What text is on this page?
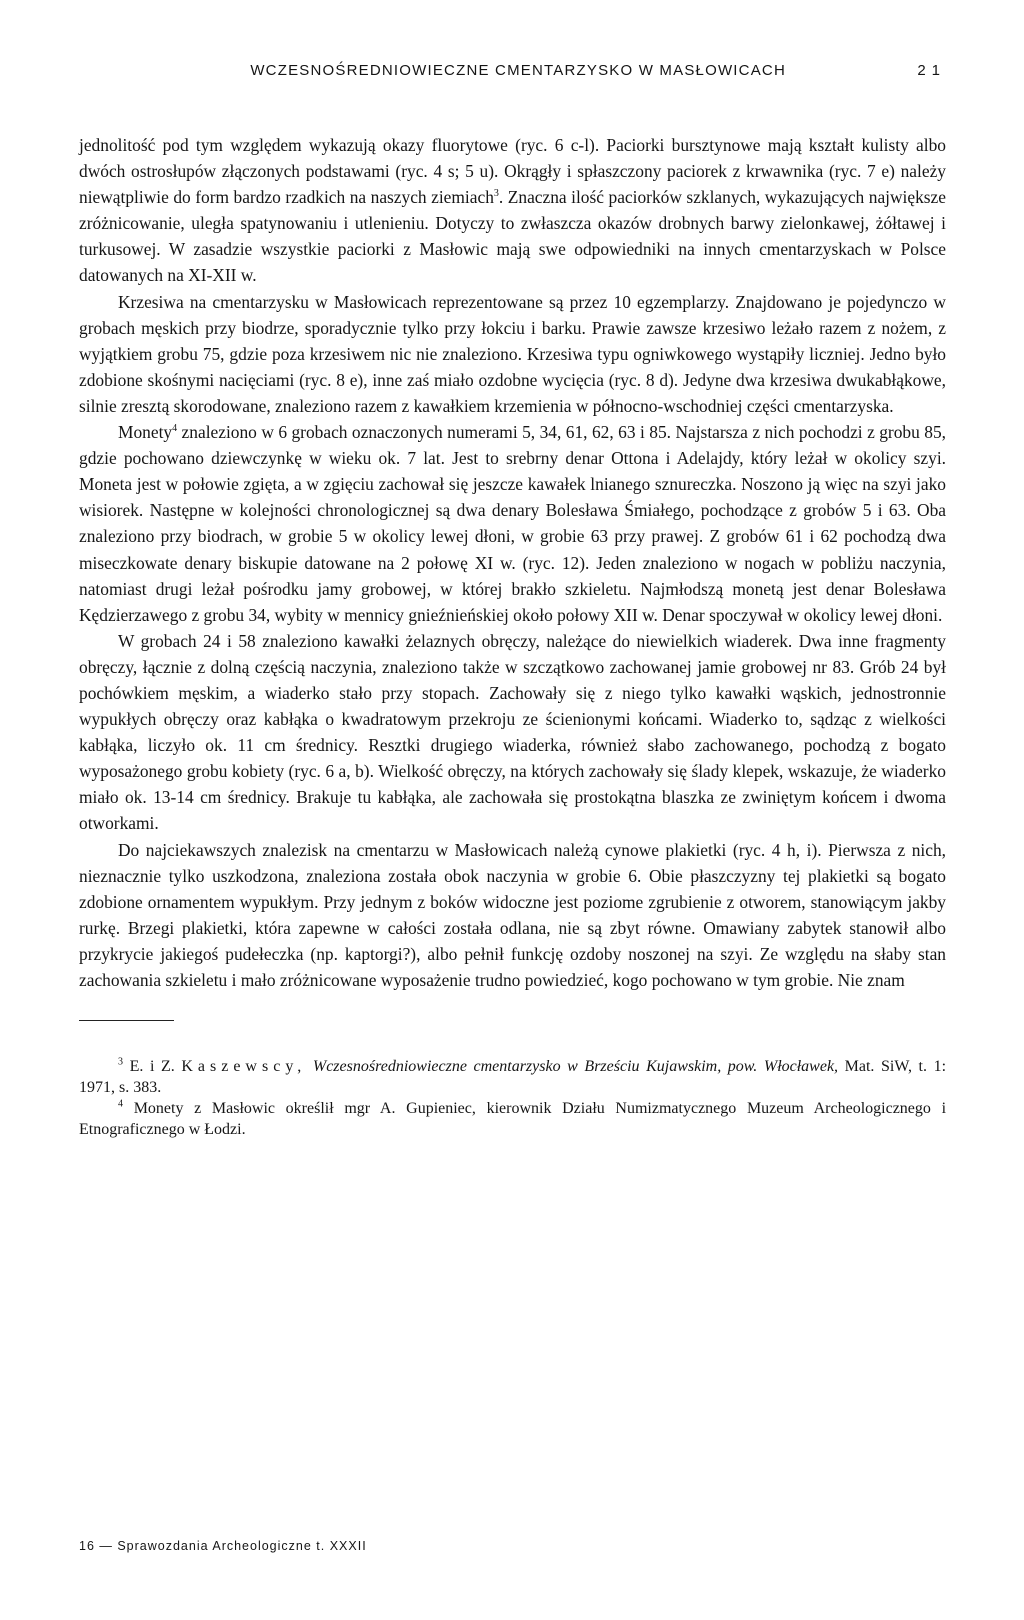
WCZESNOŚREDNIOWIECZNE CMENTARZYSKO W MASŁOWICACH	21

jednolitość pod tym względem wykazują okazy fluorytowe (ryc. 6 c-l). Paciorki bursztynowe mają kształt kulisty albo dwóch ostrosłupów złączonych podstawami (ryc. 4 s; 5 u). Okrągły i spłaszczony paciorek z krwawnika (ryc. 7 e) należy niewątpliwie do form bardzo rzadkich na naszych ziemiach$^3$. Znaczna ilość paciorków szklanych, wykazujących największe zróżnicowanie, uległa spatynowaniu i utlenieniu. Dotyczy to zwłaszcza okazów drobnych barwy zielonkawej, żółtawej i turkusowej. W zasadzie wszystkie paciorki z Masłowic mają swe odpowiedniki na innych cmentarzyskach w Polsce datowanych na XI-XII w.

Krzesiwa na cmentarzysku w Masłowicach reprezentowane są przez 10 egzemplarzy. Znajdowano je pojedynczo w grobach męskich przy biodrze, sporadycznie tylko przy łokciu i barku. Prawie zawsze krzesiwo leżało razem z nożem, z wyjątkiem grobu 75, gdzie poza krzesiwem nic nie znaleziono. Krzesiwa typu ogniwkowego wystąpiły liczniej. Jedno było zdobione skośnymi nacięciami (ryc. 8 e), inne zaś miało ozdobne wycięcia (ryc. 8 d). Jedyne dwa krzesiwa dwukabłąkowe, silnie zresztą skorodowane, znaleziono razem z kawałkiem krzemienia w północno-wschodniej części cmentarzyska.

Monety$^4$ znaleziono w 6 grobach oznaczonych numerami 5, 34, 61, 62, 63 i 85. Najstarsza z nich pochodzi z grobu 85, gdzie pochowano dziewczynkę w wieku ok. 7 lat. Jest to srebrny denar Ottona i Adelajdy, który leżał w okolicy szyi. Moneta jest w połowie zgięta, a w zgięciu zachował się jeszcze kawałek lnianego sznureczka. Noszono ją więc na szyi jako wisiorek. Następne w kolejności chronologicznej są dwa denary Bolesława Śmiałego, pochodzące z grobów 5 i 63. Oba znaleziono przy biodrach, w grobie 5 w okolicy lewej dłoni, w grobie 63 przy prawej. Z grobów 61 i 62 pochodzą dwa miseczkowate denary biskupie datowane na 2 połowę XI w. (ryc. 12). Jeden znaleziono w nogach w pobliżu naczynia, natomiast drugi leżał pośrodku jamy grobowej, w której brakło szkieletu. Najmłodszą monetą jest denar Bolesława Kędzierzawego z grobu 34, wybity w mennicy gnieźnieńskiej około połowy XII w. Denar spoczywał w okolicy lewej dłoni.

W grobach 24 i 58 znaleziono kawałki żelaznych obręczy, należące do niewielkich wiaderek. Dwa inne fragmenty obręczy, łącznie z dolną częścią naczynia, znaleziono także w szczątkowo zachowanej jamie grobowej nr 83. Grób 24 był pochówkiem męskim, a wiaderko stało przy stopach. Zachowały się z niego tylko kawałki wąskich, jednostronnie wypukłych obręczy oraz kabłąka o kwadratowym przekroju ze ścienionymi końcami. Wiaderko to, sądząc z wielkości kabłąka, liczyło ok. 11 cm średnicy. Resztki drugiego wiaderka, również słabo zachowanego, pochodzą z bogato wyposażonego grobu kobiety (ryc. 6 a, b). Wielkość obręczy, na których zachowały się ślady klepek, wskazuje, że wiaderko miało ok. 13-14 cm średnicy. Brakuje tu kabłąka, ale zachowała się prostokątna blaszka ze zwiniętym końcem i dwoma otworkami.

Do najciekawszych znalezisk na cmentarzu w Masłowicach należą cynowe plakietki (ryc. 4 h, i). Pierwsza z nich, nieznacznie tylko uszkodzona, znaleziona została obok naczynia w grobie 6. Obie płaszczyzny tej plakietki są bogato zdobione ornamentem wypukłym. Przy jednym z boków widoczne jest poziome zgrubienie z otworem, stanowiącym jakby rurkę. Brzegi plakietki, która zapewne w całości została odlana, nie są zbyt równe. Omawiany zabytek stanowił albo przykrycie jakiegoś pudełeczka (np. kaptorgi?), albo pełnił funkcję ozdoby noszonej na szyi. Ze względu na słaby stan zachowania szkieletu i mało zróżnicowane wyposażenie trudno powiedzieć, kogo pochowano w tym grobie. Nie znam

$^3$ E. i Z. Kaszewscy, Wczesnośredniowieczne cmentarzysko w Brześciu Kujawskim, pow. Włocławek, Mat. SiW, t. 1: 1971, s. 383.

$^4$ Monety z Masłowic określił mgr A. Gupieniec, kierownik Działu Numizmatycznego Muzeum Archeologicznego i Etnograficznego w Łodzi.

16 — Sprawozdania Archeologiczne t. XXXII
